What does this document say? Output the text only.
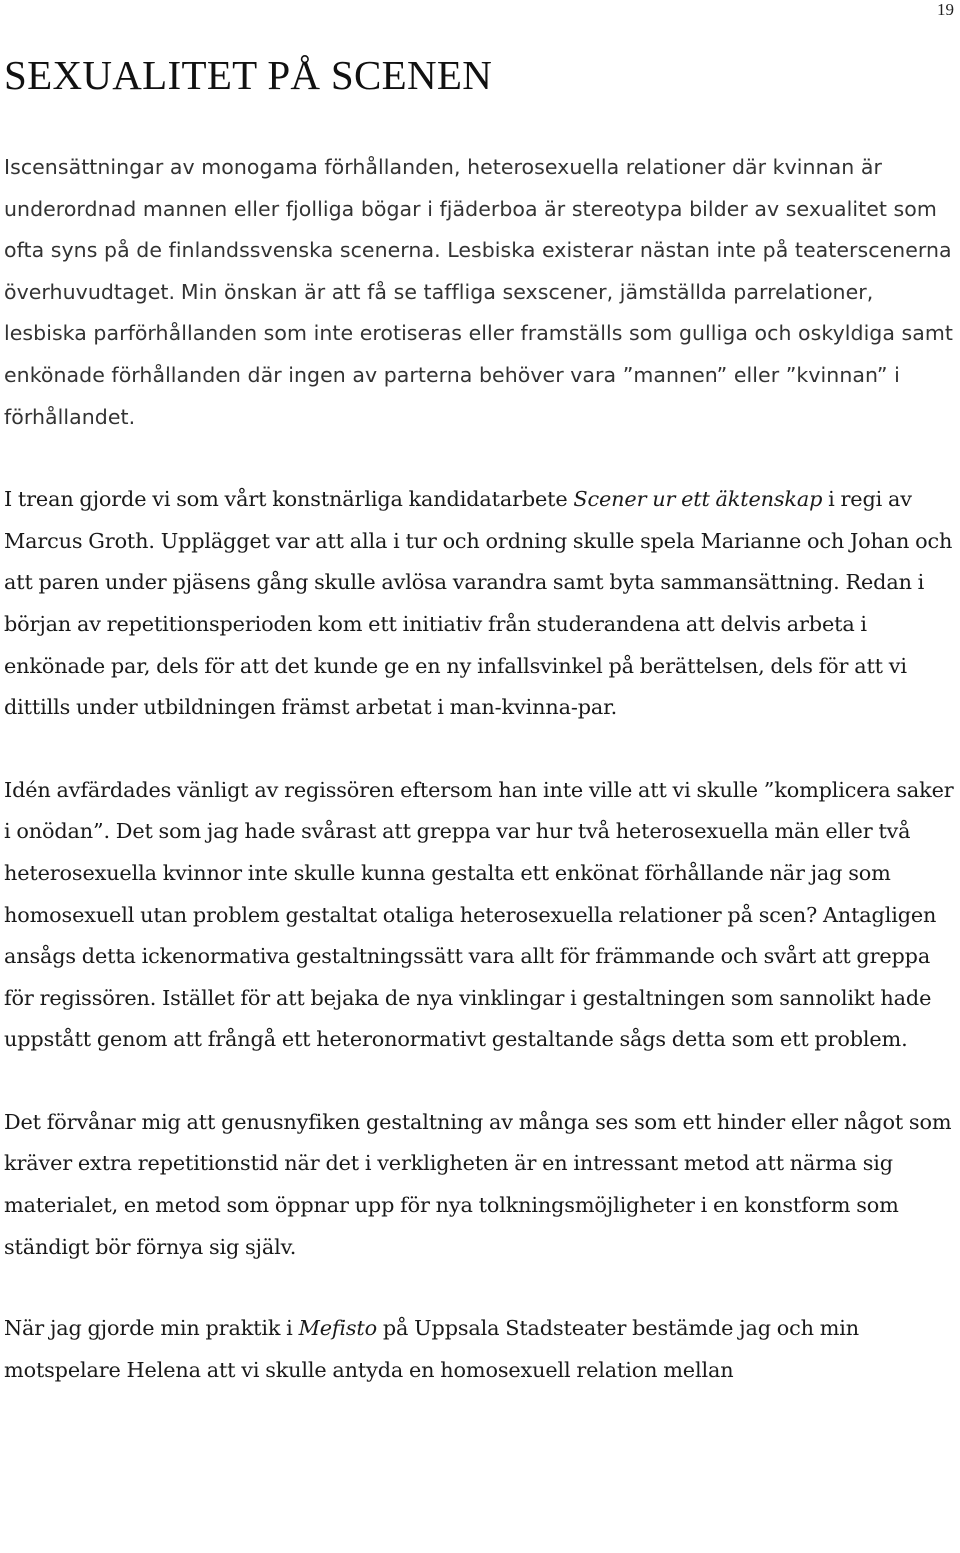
19
SEXUALITET PÅ SCENEN

Iscensättningar av monogama förhållanden, heterosexuella relationer där kvinnan är underordnad mannen eller fjolliga bögar i fjäderboa är stereotypa bilder av sexualitet som ofta syns på de finlandssvenska scenerna. Lesbiska existerar nästan inte på teaterscenerna överhuvudtaget. Min önskan är att få se taffliga sexscener, jämställda parrelationer, lesbiska parförhållanden som inte erotiseras eller framställs som gulliga och oskyldiga samt enkönade förhållanden där ingen av parterna behöver vara ”mannen” eller ”kvinnan” i förhållandet.

I trean gjorde vi som vårt konstnärliga kandidatarbete Scener ur ett äktenskap i regi av Marcus Groth. Upplägget var att alla i tur och ordning skulle spela Marianne och Johan och att paren under pjäsens gång skulle avlösa varandra samt byta sammansättning. Redan i början av repetitionsperioden kom ett initiativ från studerandena att delvis arbeta i enkönade par, dels för att det kunde ge en ny infallsvinkel på berättelsen, dels för att vi dittills under utbildningen främst arbetat i man-kvinna-par.

Idén avfärdades vänligt av regissören eftersom han inte ville att vi skulle ”komplicera saker i onödan”. Det som jag hade svårast att greppa var hur två heterosexuella män eller två heterosexuella kvinnor inte skulle kunna gestalta ett enkönat förhållande när jag som homosexuell utan problem gestaltat otaliga heterosexuella relationer på scen? Antagligen ansågs detta ickenormativa gestaltningssätt vara allt för främmande och svårt att greppa för regissören. Istället för att bejaka de nya vinklingar i gestaltningen som sannolikt hade uppstått genom att frångå ett heteronormativt gestaltande sågs detta som ett problem.

Det förvånar mig att genusnyfiken gestaltning av många ses som ett hinder eller något som kräver extra repetitionstid när det i verkligheten är en intressant metod att närma sig materialet, en metod som öppnar upp för nya tolkningsmöjligheter i en konstform som ständigt bör förnya sig själv.

När jag gjorde min praktik i Mefisto på Uppsala Stadsteater bestämde jag och min motspelare Helena att vi skulle antyda en homosexuell relation mellan
